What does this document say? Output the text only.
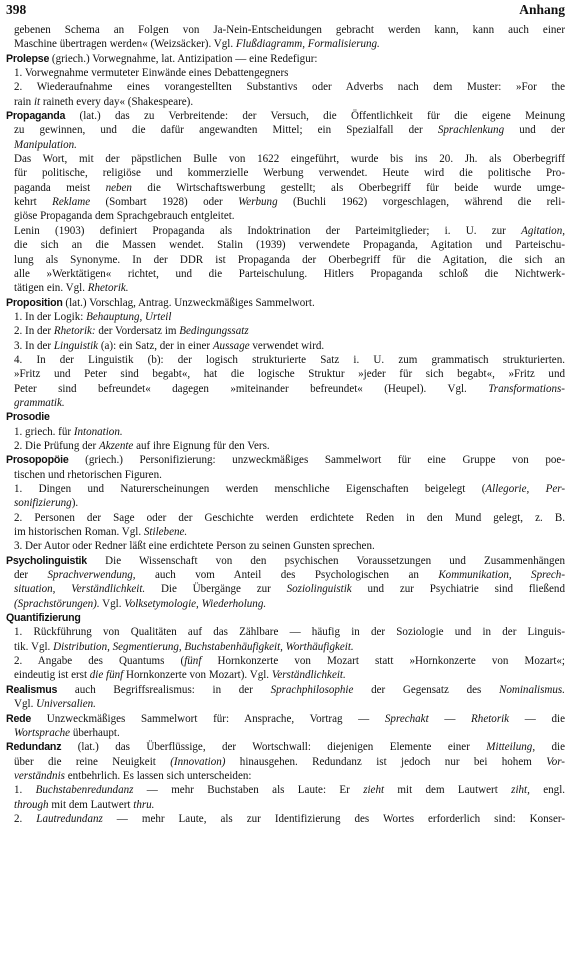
398	Anhang
gebenen Schema an Folgen von Ja-Nein-Entscheidungen gebracht werden kann, kann auch einer
Maschine übertragen werden« (Weizsäcker). Vgl. Flußdiagramm, Formalisierung.
Prolepse (griech.) Vorwegnahme, lat. Antizipation — eine Redefigur:
1. Vorwegnahme vermuteter Einwände eines Debattengegners
2. Wiederaufnahme eines vorangestellten Substantivs oder Adverbs nach dem Muster: »For the
rain it raineth every day« (Shakespeare).
Propaganda (lat.) das zu Verbreitende: der Versuch, die Öffentlichkeit für die eigene Meinung
zu gewinnen, und die dafür angewandten Mittel; ein Spezialfall der Sprachlenkung und der
Manipulation.
Das Wort, mit der päpstlichen Bulle von 1622 eingeführt, wurde bis ins 20. Jh. als Oberbegriff
für politische, religiöse und kommerzielle Werbung verwendet. Heute wird die politische Pro-
paganda meist neben die Wirtschaftswerbung gestellt; als Oberbegriff für beide wurde umge-
kehrt Reklame (Sombart 1928) oder Werbung (Buchli 1962) vorgeschlagen, während die reli-
giöse Propaganda dem Sprachgebrauch entgleitet.
Lenin (1903) definiert Propaganda als Indoktrination der Parteimitglieder; i. U. zur Agitation,
die sich an die Massen wendet. Stalin (1939) verwendete Propaganda, Agitation und Parteischu-
lung als Synonyme. In der DDR ist Propaganda der Oberbegriff für die Agitation, die sich an
alle »Werktätigen« richtet, und die Parteischulung. Hitlers Propaganda schloß die Nichtwerk-
tätigen ein. Vgl. Rhetorik.
Proposition (lat.) Vorschlag, Antrag. Unzweckmäßiges Sammelwort.
1. In der Logik: Behauptung, Urteil
2. In der Rhetorik: der Vordersatz im Bedingungssatz
3. In der Linguistik (a): ein Satz, der in einer Aussage verwendet wird.
4. In der Linguistik (b): der logisch strukturierte Satz i. U. zum grammatisch strukturierten.
»Fritz und Peter sind begabt«, hat die logische Struktur »jeder für sich begabt«, »Fritz und
Peter sind befreundet« dagegen »miteinander befreundet« (Heupel). Vgl. Transformations-
grammatik.
Prosodie
1. griech. für Intonation.
2. Die Prüfung der Akzente auf ihre Eignung für den Vers.
Prosopopöie (griech.) Personifizierung: unzweckmäßiges Sammelwort für eine Gruppe von poe-
tischen und rhetorischen Figuren.
1. Dingen und Naturerscheinungen werden menschliche Eigenschaften beigelegt (Allegorie, Per-
sonifizierung).
2. Personen der Sage oder der Geschichte werden erdichtete Reden in den Mund gelegt, z. B.
im historischen Roman. Vgl. Stilebene.
3. Der Autor oder Redner läßt eine erdichtete Person zu seinen Gunsten sprechen.
Psycholinguistik Die Wissenschaft von den psychischen Voraussetzungen und Zusammenhängen
der Sprachverwendung, auch vom Anteil des Psychologischen an Kommunikation, Sprech-
situation, Verständlichkeit. Die Übergänge zur Soziolinguistik und zur Psychiatrie sind fließend
(Sprachstörungen). Vgl. Volksetymologie, Wiederholung.
Quantifizierung
1. Rückführung von Qualitäten auf das Zählbare — häufig in der Soziologie und in der Linguis-
tik. Vgl. Distribution, Segmentierung, Buchstabenhäufigkeit, Worthäufigkeit.
2. Angabe des Quantums (fünf Hornkonzerte von Mozart statt »Hornkonzerte von Mozart«;
eindeutig ist erst die fünf Hornkonzerte von Mozart). Vgl. Verständlichkeit.
Realismus auch Begriffsrealismus: in der Sprachphilosophie der Gegensatz des Nominalismus.
Vgl. Universalien.
Rede Unzweckmäßiges Sammelwort für: Ansprache, Vortrag — Sprechakt — Rhetorik — die
Wortsprache überhaupt.
Redundanz (lat.) das Überflüssige, der Wortschwall: diejenigen Elemente einer Mitteilung, die
über die reine Neuigkeit (Innovation) hinausgehen. Redundanz ist jedoch nur bei hohem Vor-
verständnis entbehrlich. Es lassen sich unterscheiden:
1. Buchstabenredundanz — mehr Buchstaben als Laute: Er zieht mit dem Lautwert ziht, engl.
through mit dem Lautwert thru.
2. Lautredundanz — mehr Laute, als zur Identifizierung des Wortes erforderlich sind: Konser-
